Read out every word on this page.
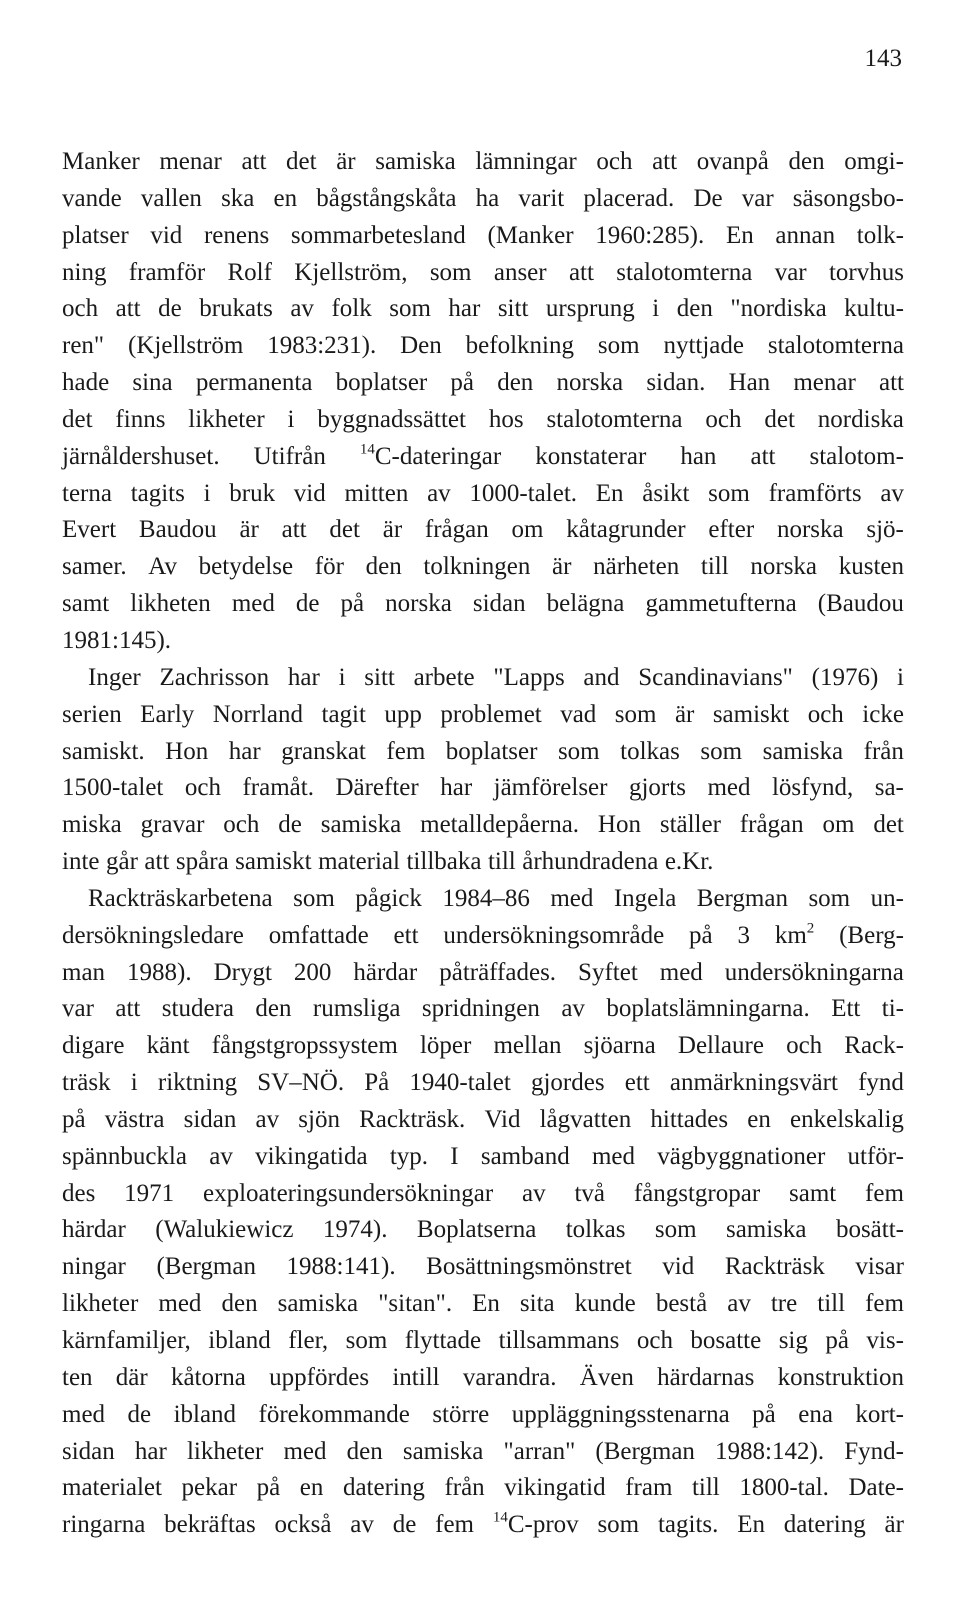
143
Manker menar att det är samiska lämningar och att ovanpå den omgi-
vande vallen ska en bågstångskåta ha varit placerad. De var säsongsbo-
platser vid renens sommarbetesland (Manker 1960:285). En annan tolk-
ning framför Rolf Kjellström, som anser att stalotomterna var torvhus
och att de brukats av folk som har sitt ursprung i den "nordiska kultu-
ren" (Kjellström 1983:231). Den befolkning som nyttjade stalotomterna
hade sina permanenta boplatser på den norska sidan. Han menar att
det finns likheter i byggnadssättet hos stalotomterna och det nordiska
järnåldershuset. Utifrån $^{14}$C-dateringar konstaterar han att stalotom-
terna tagits i bruk vid mitten av 1000-talet. En åsikt som framförts av
Evert Baudou är att det är frågan om kåtagrunder efter norska sjö-
samer. Av betydelse för den tolkningen är närheten till norska kusten
samt likheten med de på norska sidan belägna gammetufterna (Baudou
1981:145).
Inger Zachrisson har i sitt arbete "Lapps and Scandinavians" (1976) i
serien Early Norrland tagit upp problemet vad som är samiskt och icke
samiskt. Hon har granskat fem boplatser som tolkas som samiska från
1500-talet och framåt. Därefter har jämförelser gjorts med lösfynd, sa-
miska gravar och de samiska metalldepåerna. Hon ställer frågan om det
inte går att spåra samiskt material tillbaka till århundradena e.Kr.
Rackträskarbetena som pågick 1984–86 med Ingela Bergman som un-
dersökningsledare omfattade ett undersökningsområde på 3 $km^2$ (Berg-
man 1988). Drygt 200 härdar påträffades. Syftet med undersökningarna
var att studera den rumsliga spridningen av boplatslämningarna. Ett ti-
digare känt fångstgropssystem löper mellan sjöarna Dellaure och Rack-
träsk i riktning SV–NÖ. På 1940-talet gjordes ett anmärkningsvärt fynd
på västra sidan av sjön Rackträsk. Vid lågvatten hittades en enkelskalig
spännbuckla av vikingatida typ. I samband med vägbyggnationer utför-
des 1971 exploateringsundersökningar av två fångstgropar samt fem
härdar (Walukiewicz 1974). Boplatserna tolkas som samiska bosätt-
ningar (Bergman 1988:141). Bosättningsmönstret vid Rackträsk visar
likheter med den samiska "sitan". En sita kunde bestå av tre till fem
kärnfamiljer, ibland fler, som flyttade tillsammans och bosatte sig på vis-
ten där kåtorna uppfördes intill varandra. Även härdarnas konstruktion
med de ibland förekommande större uppläggningsstenarna på ena kort-
sidan har likheter med den samiska "arran" (Bergman 1988:142). Fynd-
materialet pekar på en datering från vikingatid fram till 1800-tal. Date-
ringarna bekräftas också av de fem $^{14}$C-prov som tagits. En datering är
